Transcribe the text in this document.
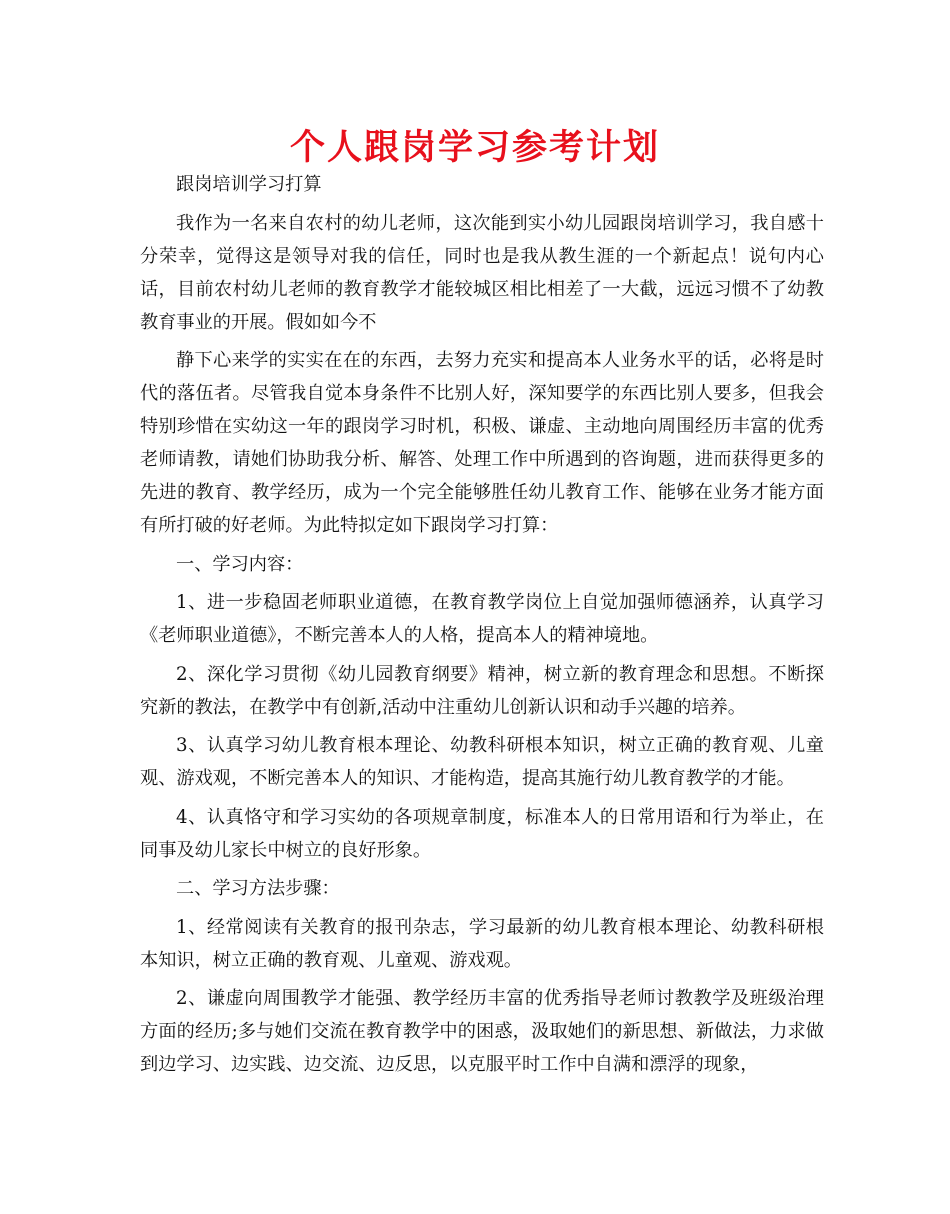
个人跟岗学习参考计划

跟岗培训学习打算

我作为一名来自农村的幼儿老师，这次能到实小幼儿园跟岗培训学习，我自感十分荣幸，觉得这是领导对我的信任，同时也是我从教生涯的一个新起点！说句内心话，目前农村幼儿老师的教育教学才能较城区相比相差了一大截，远远习惯不了幼教教育事业的开展。假如如今不

静下心来学的实实在在的东西，去努力充实和提高本人业务水平的话，必将是时代的落伍者。尽管我自觉本身条件不比别人好，深知要学的东西比别人要多，但我会特别珍惜在实幼这一年的跟岗学习时机，积极、谦虚、主动地向周围经历丰富的优秀老师请教，请她们协助我分析、解答、处理工作中所遇到的咨询题，进而获得更多的先进的教育、教学经历，成为一个完全能够胜任幼儿教育工作、能够在业务才能方面有所打破的好老师。为此特拟定如下跟岗学习打算：

一、学习内容：

1、进一步稳固老师职业道德，在教育教学岗位上自觉加强师德涵养，认真学习《老师职业道德》，不断完善本人的人格，提高本人的精神境地。

2、深化学习贯彻《幼儿园教育纲要》精神，树立新的教育理念和思想。不断探究新的教法，在教学中有创新,活动中注重幼儿创新认识和动手兴趣的培养。

3、认真学习幼儿教育根本理论、幼教科研根本知识，树立正确的教育观、儿童观、游戏观，不断完善本人的知识、才能构造，提高其施行幼儿教育教学的才能。

4、认真恪守和学习实幼的各项规章制度，标准本人的日常用语和行为举止，在同事及幼儿家长中树立的良好形象。

二、学习方法步骤：

1、经常阅读有关教育的报刊杂志，学习最新的幼儿教育根本理论、幼教科研根本知识，树立正确的教育观、儿童观、游戏观。

2、谦虚向周围教学才能强、教学经历丰富的优秀指导老师讨教教学及班级治理方面的经历;多与她们交流在教育教学中的困惑，汲取她们的新思想、新做法，力求做到边学习、边实践、边交流、边反思，以克服平时工作中自满和漂浮的现象，
